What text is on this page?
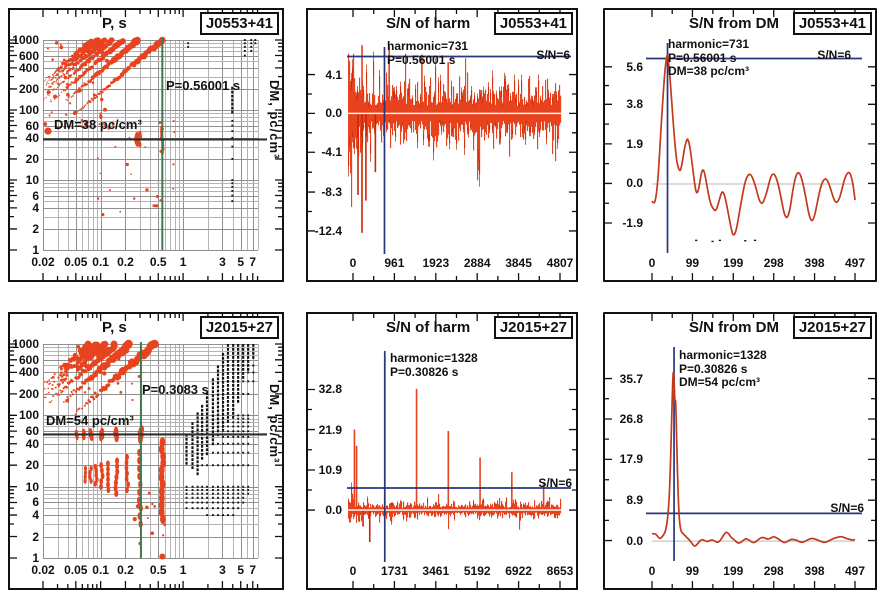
P, s	J0553+41
P=0.56001 s
DM=38 pc/cm³	DM, pc/cm³
1000
600
400
200
100
60
40
20
10
6
4
2
1
0.02 0.05 0.1 0.2 0.5 1	3 5 7
S/N of harm	J0553+41
harmonic=731
P=0.56001 s	S/N=6
4.1
0.0
-4.1
-8.3
-12.4
0 961 1923 2884 3845 4807
S/N from DM	J0553+41
harmonic=731
P=0.56001 s
DM=38 pc/cm³
S/N=6
5.6
3.8
1.9
0.0
-1.9
0	99 199 298 398 497
P, s	J2015+27
P=0.3083 s
DM=54 pc/cm³	DM, pc/cm³
1000
600
400
200
100
60
40
20
10
6
4
2
1
0.02 0.05 0.1 0.2 0.5 1	3 5 7
S/N of harm	J2015+27
harmonic=1328
P=0.30826 s
S/N=6
32.8
21.9
10.9
0.0
0 1731 3461 5192 6922 8653
S/N from DM	J2015+27
harmonic=1328
P=0.30826 s
DM=54 pc/cm³
S/N=6
35.7
26.8
17.9
8.9
0.0
0	99 199 298 398 497
